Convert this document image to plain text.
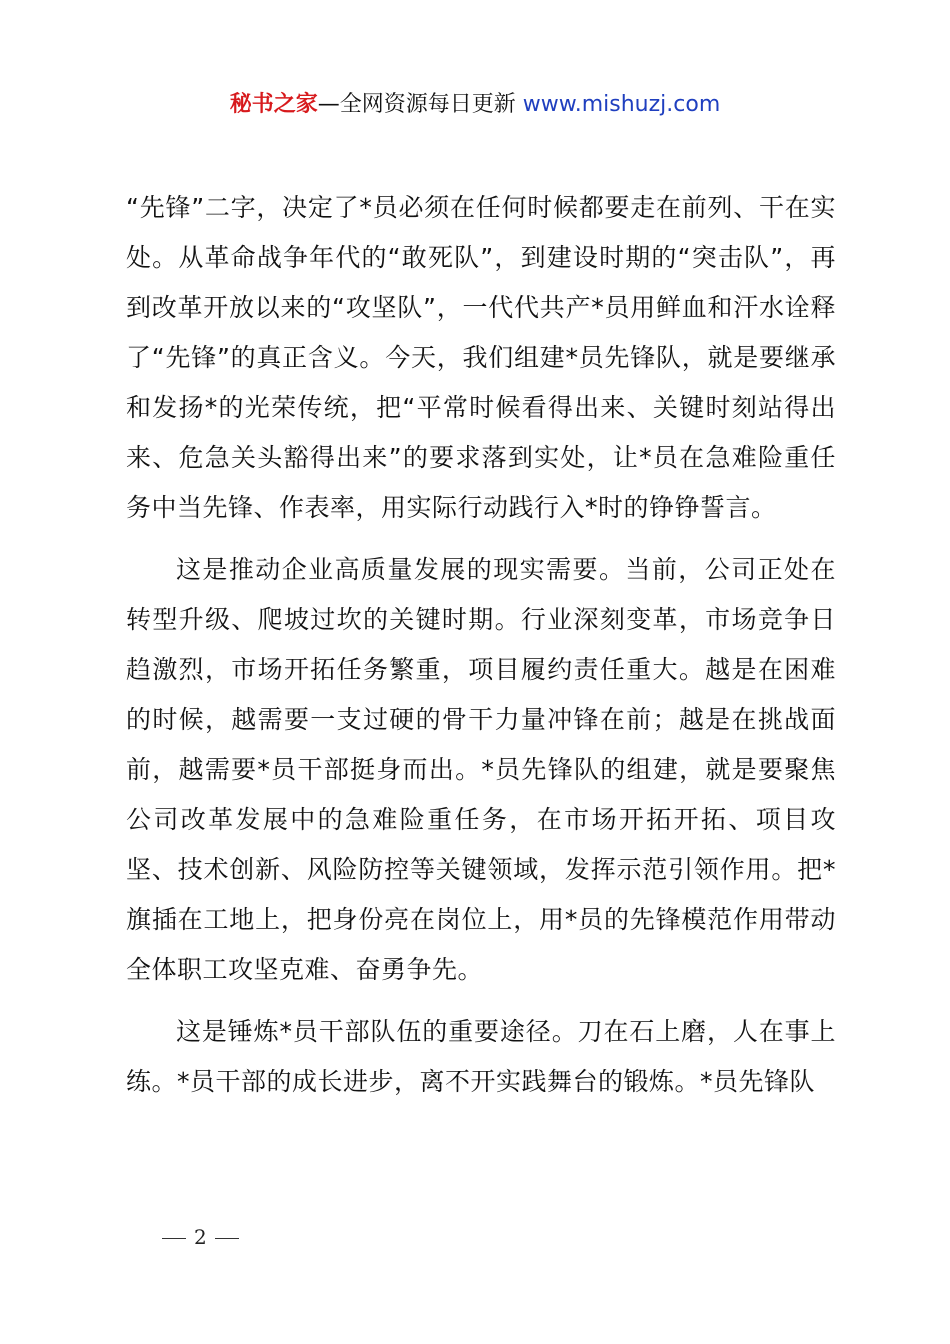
秘书之家—全网资源每日更新 www.mishuzj.com

“先锋”二字，决定了*员必须在任何时候都要走在前列、干在实处。从革命战争年代的“敢死队”，到建设时期的“突击队”，再到改革开放以来的“攻坚队”，一代代共产*员用鲜血和汗水诠释了“先锋”的真正含义。今天，我们组建*员先锋队，就是要继承和发扬*的光荣传统，把“平常时候看得出来、关键时刻站得出来、危急关头豁得出来”的要求落到实处，让*员在急难险重任务中当先锋、作表率，用实际行动践行入*时的铮铮誓言。

这是推动企业高质量发展的现实需要。当前，公司正处在转型升级、爬坡过坎的关键时期。行业深刻变革，市场竞争日趋激烈，市场开拓任务繁重，项目履约责任重大。越是在困难的时候，越需要一支过硬的骨干力量冲锋在前；越是在挑战面前，越需要*员干部挺身而出。*员先锋队的组建，就是要聚焦公司改革发展中的急难险重任务，在市场开拓开拓、项目攻坚、技术创新、风险防控等关键领域，发挥示范引领作用。把*旗插在工地上，把身份亮在岗位上，用*员的先锋模范作用带动全体职工攻坚克难、奋勇争先。

这是锤炼*员干部队伍的重要途径。刀在石上磨，人在事上练。*员干部的成长进步，离不开实践舞台的锻炼。*员先锋队

2
